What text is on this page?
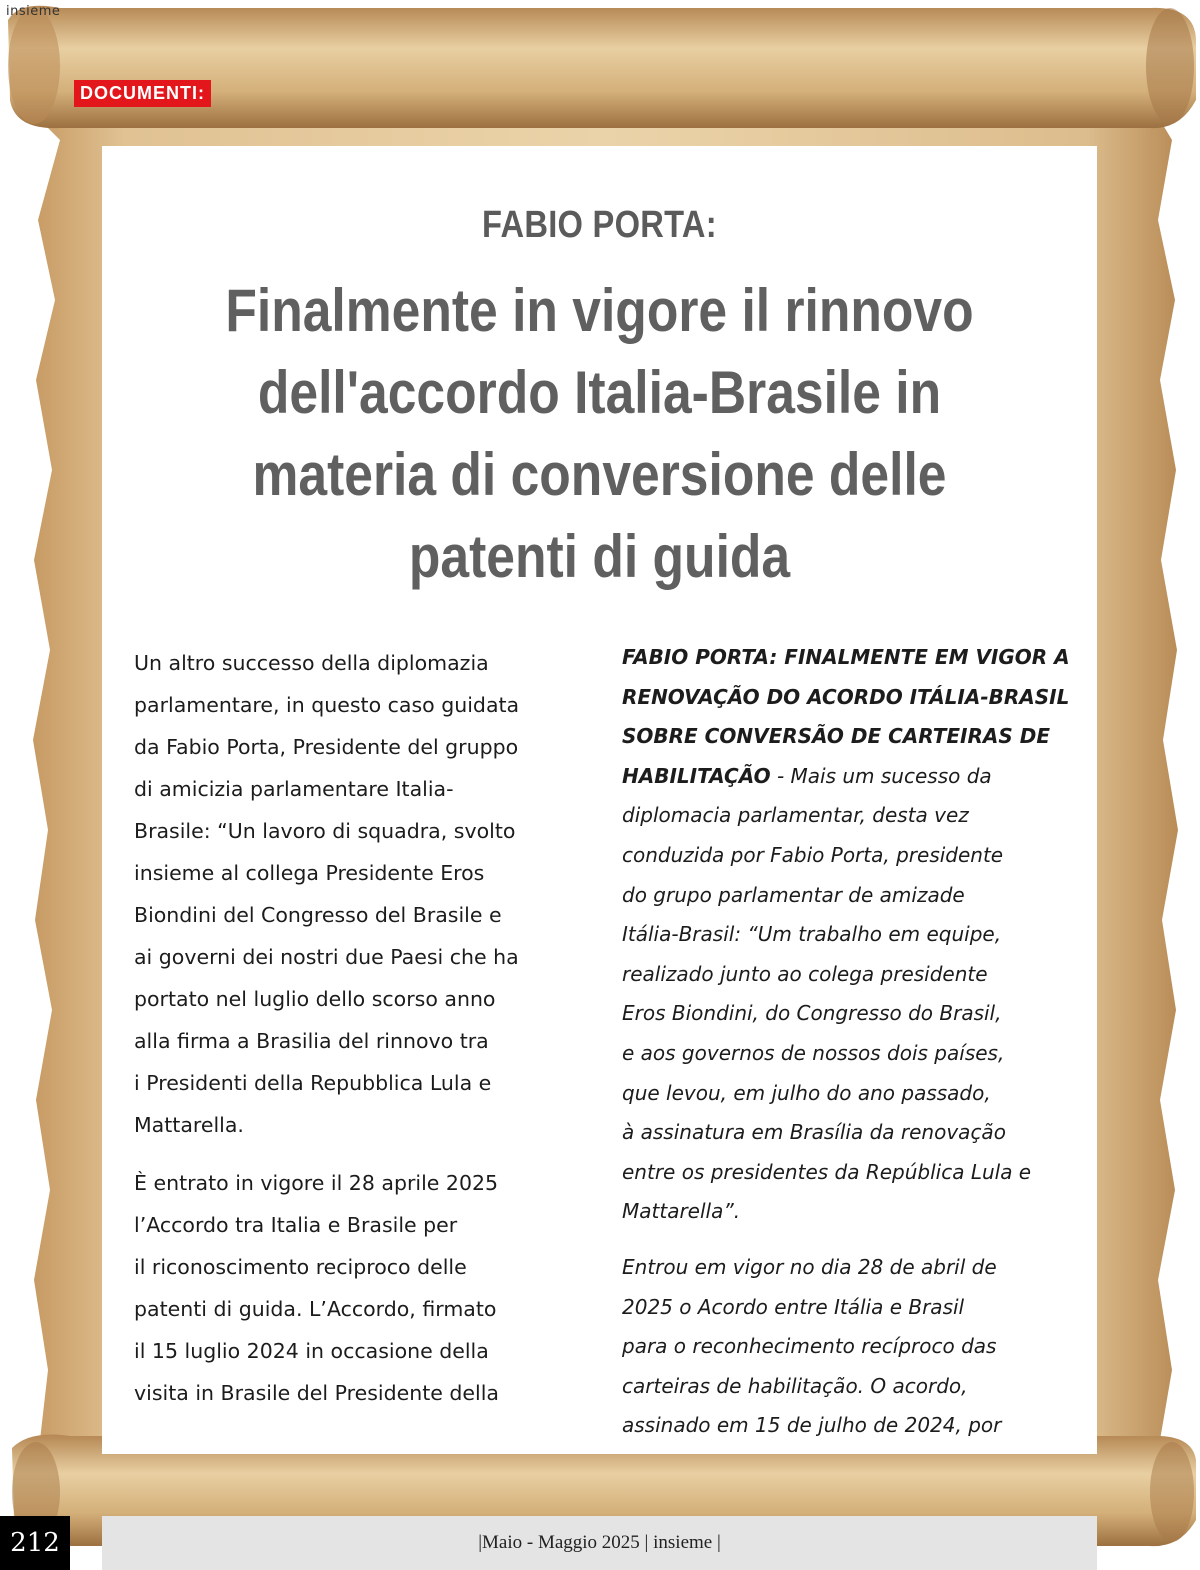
insieme
DOCUMENTI:
FABIO PORTA:
Finalmente in vigore il rinnovo
dell'accordo Italia-Brasile in
materia di conversione delle
patenti di guida

Un altro successo della diplomazia
parlamentare, in questo caso guidata
da Fabio Porta, Presidente del gruppo
di amicizia parlamentare Italia-
Brasile: “Un lavoro di squadra, svolto
insieme al collega Presidente Eros
Biondini del Congresso del Brasile e
ai governi dei nostri due Paesi che ha
portato nel luglio dello scorso anno
alla firma a Brasilia del rinnovo tra
i Presidenti della Repubblica Lula e
Mattarella.

È entrato in vigore il 28 aprile 2025
l’Accordo tra Italia e Brasile per
il riconoscimento reciproco delle
patenti di guida. L’Accordo, firmato
il 15 luglio 2024 in occasione della
visita in Brasile del Presidente della

FABIO PORTA: FINALMENTE EM VIGOR A
RENOVAÇÃO DO ACORDO ITÁLIA-BRASIL
SOBRE CONVERSÃO DE CARTEIRAS DE
HABILITAÇÃO - Mais um sucesso da
diplomacia parlamentar, desta vez
conduzida por Fabio Porta, presidente
do grupo parlamentar de amizade
Itália-Brasil: “Um trabalho em equipe,
realizado junto ao colega presidente
Eros Biondini, do Congresso do Brasil,
e aos governos de nossos dois países,
que levou, em julho do ano passado,
à assinatura em Brasília da renovação
entre os presidentes da República Lula e
Mattarella”.

Entrou em vigor no dia 28 de abril de
2025 o Acordo entre Itália e Brasil
para o reconhecimento recíproco das
carteiras de habilitação. O acordo,
assinado em 15 de julho de 2024, por

212	|Maio - Maggio 2025 | insieme |
